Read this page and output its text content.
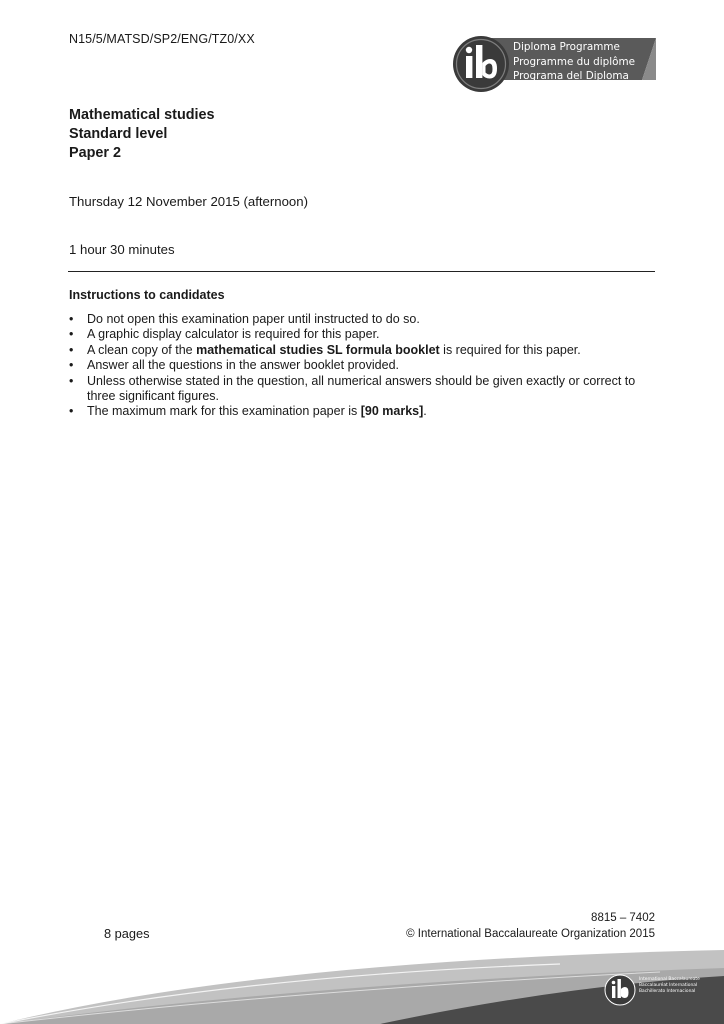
N15/5/MATSD/SP2/ENG/TZ0/XX
Diploma Programme
Programme du diplôme
Programa del Diploma
Mathematical studies
Standard level
Paper 2
Thursday 12 November 2015 (afternoon)
1 hour 30 minutes
Instructions to candidates
• Do not open this examination paper until instructed to do so.
• A graphic display calculator is required for this paper.
• A clean copy of the mathematical studies SL formula booklet is required for this paper.
• Answer all the questions in the answer booklet provided.
• Unless otherwise stated in the question, all numerical answers should be given exactly or correct to three significant figures.
• The maximum mark for this examination paper is [90 marks].
8 pages
8815 – 7402
© International Baccalaureate Organization 2015
International Baccalaureate
Baccalauréat International
Bachillerato Internacional
